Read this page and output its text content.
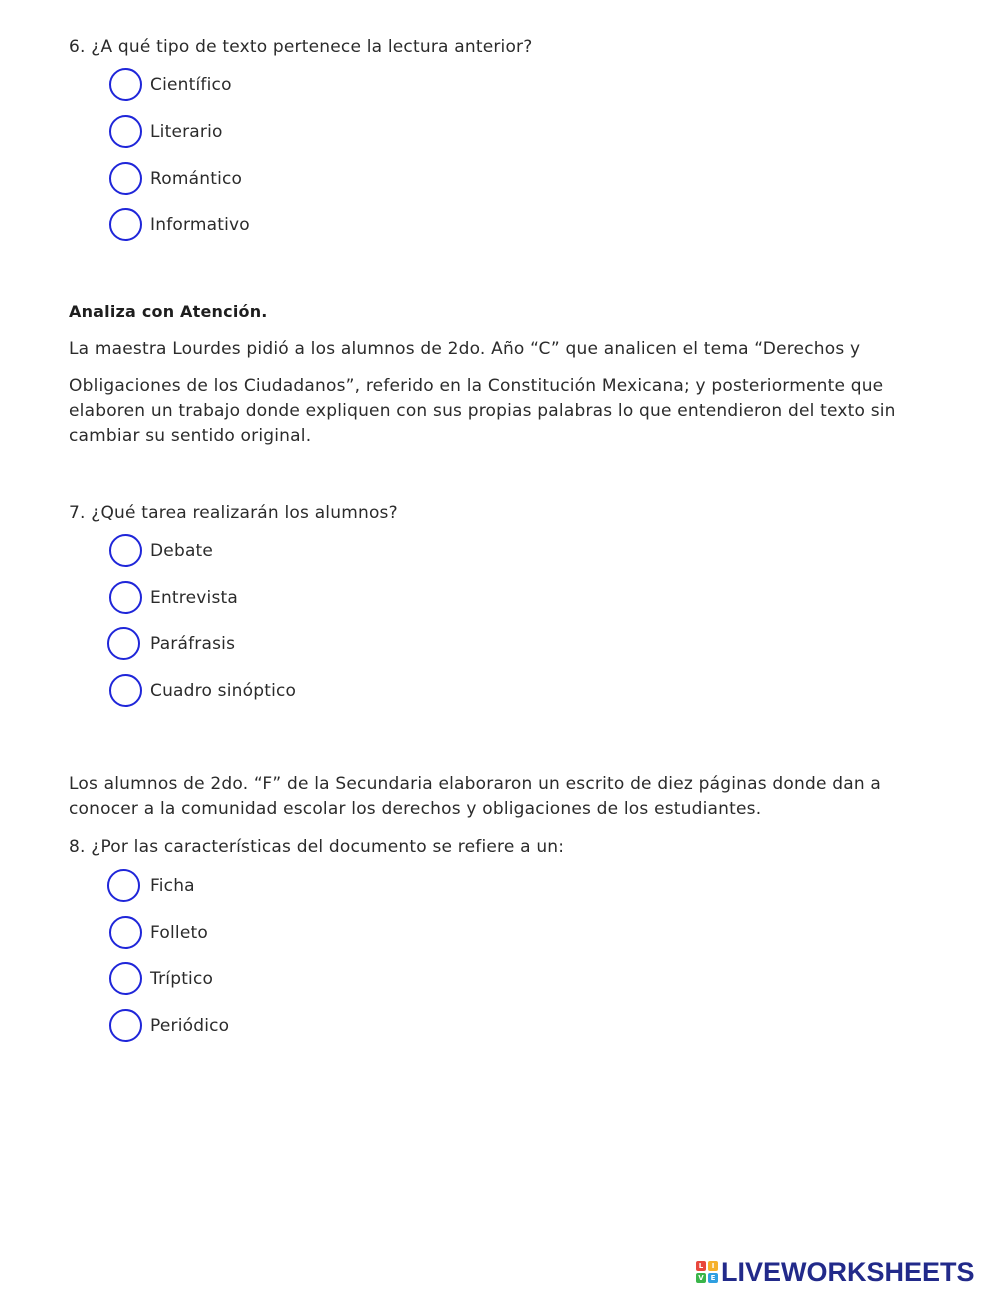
6. ¿A qué tipo de texto pertenece la lectura anterior?
Científico
Literario
Romántico
Informativo
Analiza con Atención.
La maestra Lourdes pidió a los alumnos de 2do. Año “C” que analicen el tema “Derechos y
Obligaciones de los Ciudadanos”, referido en la Constitución Mexicana; y posteriormente que
elaboren un trabajo donde expliquen con sus propias palabras lo que entendieron del texto sin
cambiar su sentido original.
7. ¿Qué tarea realizarán los alumnos?
Debate
Entrevista
Paráfrasis
Cuadro sinóptico
Los alumnos de 2do. “F” de la Secundaria elaboraron un escrito de diez páginas donde dan a
conocer a la comunidad escolar los derechos y obligaciones de los estudiantes.
8. ¿Por las características del documento se refiere a un:
Ficha
Folleto
Tríptico
Periódico
L	I
V E LIVEWORKSHEETS
